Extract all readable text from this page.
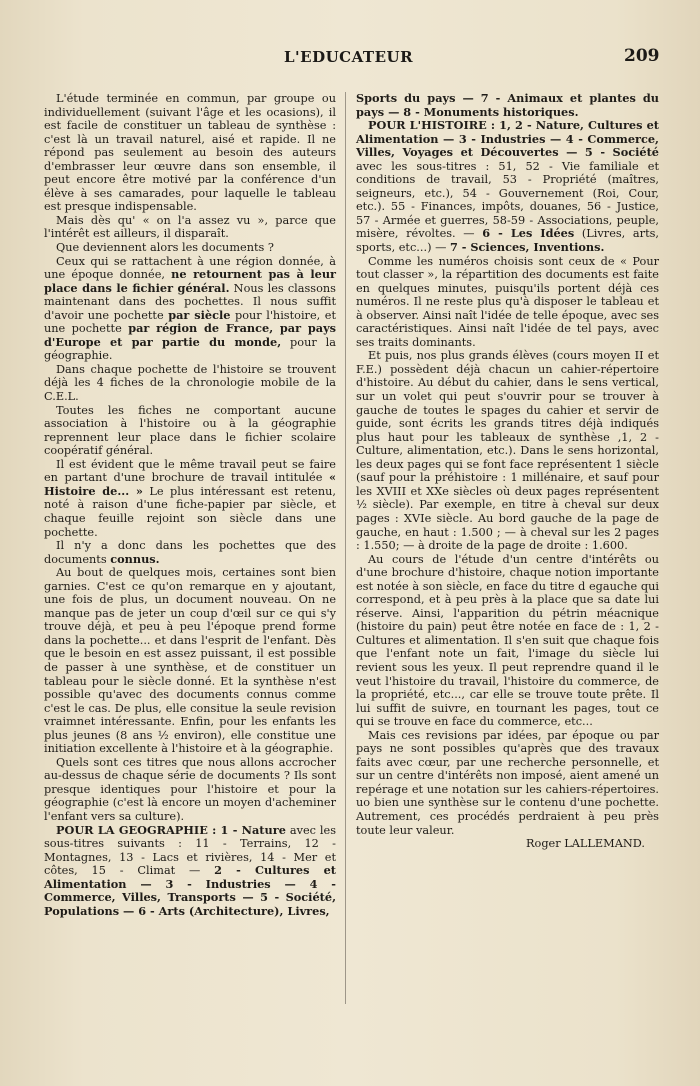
L'EDUCATEUR	209

L'étude terminée en commun, par groupe ou individuellement (suivant l'âge et les ocasions), il est facile de constituer un tableau de synthèse : c'est là un travail naturel, aisé et rapide. Il ne répond pas seulement au besoin des auteurs d'embrasser leur œuvre dans son ensemble, il peut encore être motivé par la conférence d'un élève à ses camarades, pour laquelle le tableau est presque indispensable.

Mais dès qu' « on l'a assez vu », parce que l'intérêt est ailleurs, il disparaît.

Que deviennent alors les documents ?

Ceux qui se rattachent à une région donnée, à une époque donnée, ne retournent pas à leur place dans le fichier général. Nous les classons maintenant dans des pochettes. Il nous suffit d'avoir une pochette par siècle pour l'histoire, et une pochette par région de France, par pays d'Europe et par partie du monde, pour la géographie.

Dans chaque pochette de l'histoire se trouvent déjà les 4 fiches de la chronologie mobile de la C.E.L.

Toutes les fiches ne comportant aucune association à l'histoire ou à la géographie reprennent leur place dans le fichier scolaire coopératif général.

Il est évident que le même travail peut se faire en partant d'une brochure de travail intitulée « Histoire de... » Le plus intéressant est retenu, noté à raison d'une fiche-papier par siècle, et chaque feuille rejoint son siècle dans une pochette.

Il n'y a donc dans les pochettes que des documents connus.

Au bout de quelques mois, certaines sont bien garnies. C'est ce qu'on remarque en y ajoutant, une fois de plus, un document nouveau. On ne manque pas de jeter un coup d'œil sur ce qui s'y trouve déjà, et peu à peu l'époque prend forme dans la pochette... et dans l'esprit de l'enfant. Dès que le besoin en est assez puissant, il est possible de passer à une synthèse, et de constituer un tableau pour le siècle donné. Et la synthèse n'est possible qu'avec des documents connus comme c'est le cas. De plus, elle consitue la seule revision vraimnet intéressante. Enfin, pour les enfants les plus jeunes (8 ans ½ environ), elle constitue une initiation excellente à l'histoire et à la géographie.

Quels sont ces titres que nous allons accrocher au-dessus de chaque série de documents ? Ils sont presque identiques pour l'histoire et pour la géographie (c'est là encore un moyen d'acheminer l'enfant vers sa culture).

POUR LA GEOGRAPHIE : 1 - Nature avec les sous-titres suivants : 11 - Terrains, 12 - Montagnes, 13 - Lacs et rivières, 14 - Mer et côtes, 15 - Climat — 2 - Cultures et Alimentation — 3 - Industries — 4 - Commerce, Villes, Transports — 5 - Société, Populations — 6 - Arts (Architecture), Livres,

Sports du pays — 7 - Animaux et plantes du pays — 8 - Monuments historiques.

POUR L'HISTOIRE : 1, 2 - Nature, Cultures et Alimentation — 3 - Industries — 4 - Commerce, Villes, Voyages et Découvertes — 5 - Société avec les sous-titres : 51, 52 - Vie familiale et conditions de travail, 53 - Propriété (maîtres, seigneurs, etc.), 54 - Gouvernement (Roi, Cour, etc.). 55 - Finances, impôts, douanes, 56 - Justice, 57 - Armée et guerres, 58-59 - Associations, peuple, misère, révoltes. — 6 - Les Idées (Livres, arts, sports, etc...) — 7 - Sciences, Inventions.

Comme les numéros choisis sont ceux de « Pour tout classer », la répartition des documents est faite en quelques minutes, puisqu'ils portent déjà ces numéros. Il ne reste plus qu'à disposer le tableau et à observer. Ainsi naît l'idée de telle époque, avec ses caractéristiques. Ainsi naît l'idée de tel pays, avec ses traits dominants.

Et puis, nos plus grands élèves (cours moyen II et F.E.) possèdent déjà chacun un cahier-répertoire d'histoire. Au début du cahier, dans le sens vertical, sur un volet qui peut s'ouvrir pour se trouver à gauche de toutes le spages du cahier et servir de guide, sont écrits les grands titres déjà indiqués plus haut pour les tableaux de synthèse ,1, 2 - Culture, alimentation, etc.). Dans le sens horizontal, les deux pages qui se font face représentent 1 siècle (sauf pour la préhistoire : 1 millénaire, et sauf pour les XVIII et XXe siècles où deux pages représentent ½ siècle). Par exemple, en titre à cheval sur deux pages : XVIe siècle. Au bord gauche de la page de gauche, en haut : 1.500 ; — à cheval sur les 2 pages : 1.550; — à droite de la page de droite : 1.600.

Au cours de l'étude d'un centre d'intérêts ou d'une brochure d'histoire, chaque notion importante est notée à son siècle, en face du titre d egauche qui correspond, et à peu près à la place que sa date lui réserve. Ainsi, l'apparition du pétrin méacnique (histoire du pain) peut être notée en face de : 1, 2 - Cultures et alimentation. Il s'en suit que chaque fois que l'enfant note un fait, l'image du siècle lui revient sous les yeux. Il peut reprendre quand il le veut l'histoire du travail, l'histoire du commerce, de la propriété, etc..., car elle se trouve toute prête. Il lui suffit de suivre, en tournant les pages, tout ce qui se trouve en face du commerce, etc...

Mais ces revisions par idées, par époque ou par pays ne sont possibles qu'après que des travaux faits avec cœur, par une recherche personnelle, et sur un centre d'intérêts non imposé, aient amené un repérage et une notation sur les cahiers-répertoires. uo bien une synthèse sur le contenu d'une pochette. Autrement, ces procédés perdraient à peu près toute leur valeur.

Roger LALLEMAND.
